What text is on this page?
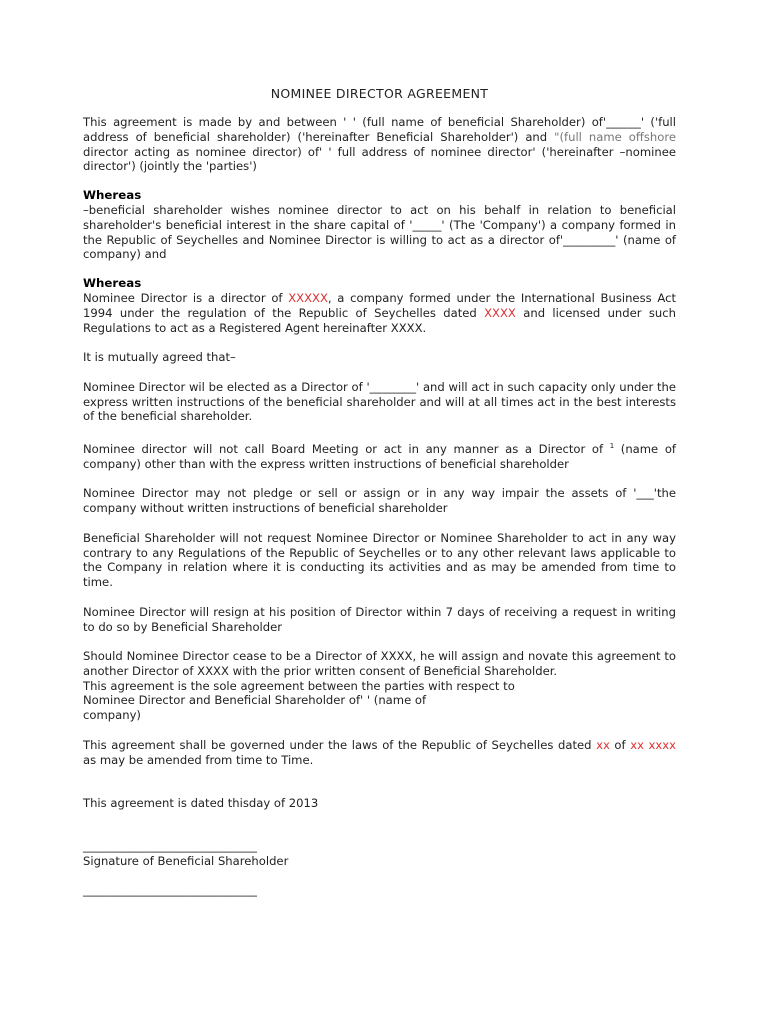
NOMINEE DIRECTOR AGREEMENT

This agreement is made by and between ' ' (full name of beneficial Shareholder) of'______' ('full address of beneficial shareholder) ('hereinafter Beneficial Shareholder') and "(full name offshore director acting as nominee director) of' ' full address of nominee director' ('hereinafter –nominee director') (jointly the 'parties')

Whereas

–beneficial shareholder wishes nominee director to act on his behalf in relation to beneficial shareholder's beneficial interest in the share capital of '_____' (The 'Company') a company formed in the Republic of Seychelles and Nominee Director is willing to act as a director of'_________' (name of company) and

Whereas

Nominee Director is a director of XXXXX, a company formed under the International Business Act 1994 under the regulation of the Republic of Seychelles dated XXXX and licensed under such Regulations to act as a Registered Agent hereinafter XXXX.

It is mutually agreed that–

Nominee Director wil be elected as a Director of '________' and will act in such capacity only under the express written instructions of the beneficial shareholder and will at all times act in the best interests of the beneficial shareholder.

Nominee director will not call Board Meeting or act in any manner as a Director of $^1$ (name of company) other than with the express written instructions of beneficial shareholder

Nominee Director may not pledge or sell or assign or in any way impair the assets of '___'the company without written instructions of beneficial shareholder

Beneficial Shareholder will not request Nominee Director or Nominee Shareholder to act in any way contrary to any Regulations of the Republic of Seychelles or to any other relevant laws applicable to the Company in relation where it is conducting its activities and as may be amended from time to time.

Nominee Director will resign at his position of Director within 7 days of receiving a request in writing to do so by Beneficial Shareholder

Should Nominee Director cease to be a Director of XXXX, he will assign and novate this agreement to another Director of XXXX with the prior written consent of Beneficial Shareholder.

This agreement is the sole agreement between the parties with respect to

Nominee Director and Beneficial Shareholder of' ' (name of

company)

This agreement shall be governed under the laws of the Republic of Seychelles dated xx of xx xxxx as may be amended from time to Time.

This agreement is dated thisday of 2013

______________________________
Signature of Beneficial Shareholder
______________________________
